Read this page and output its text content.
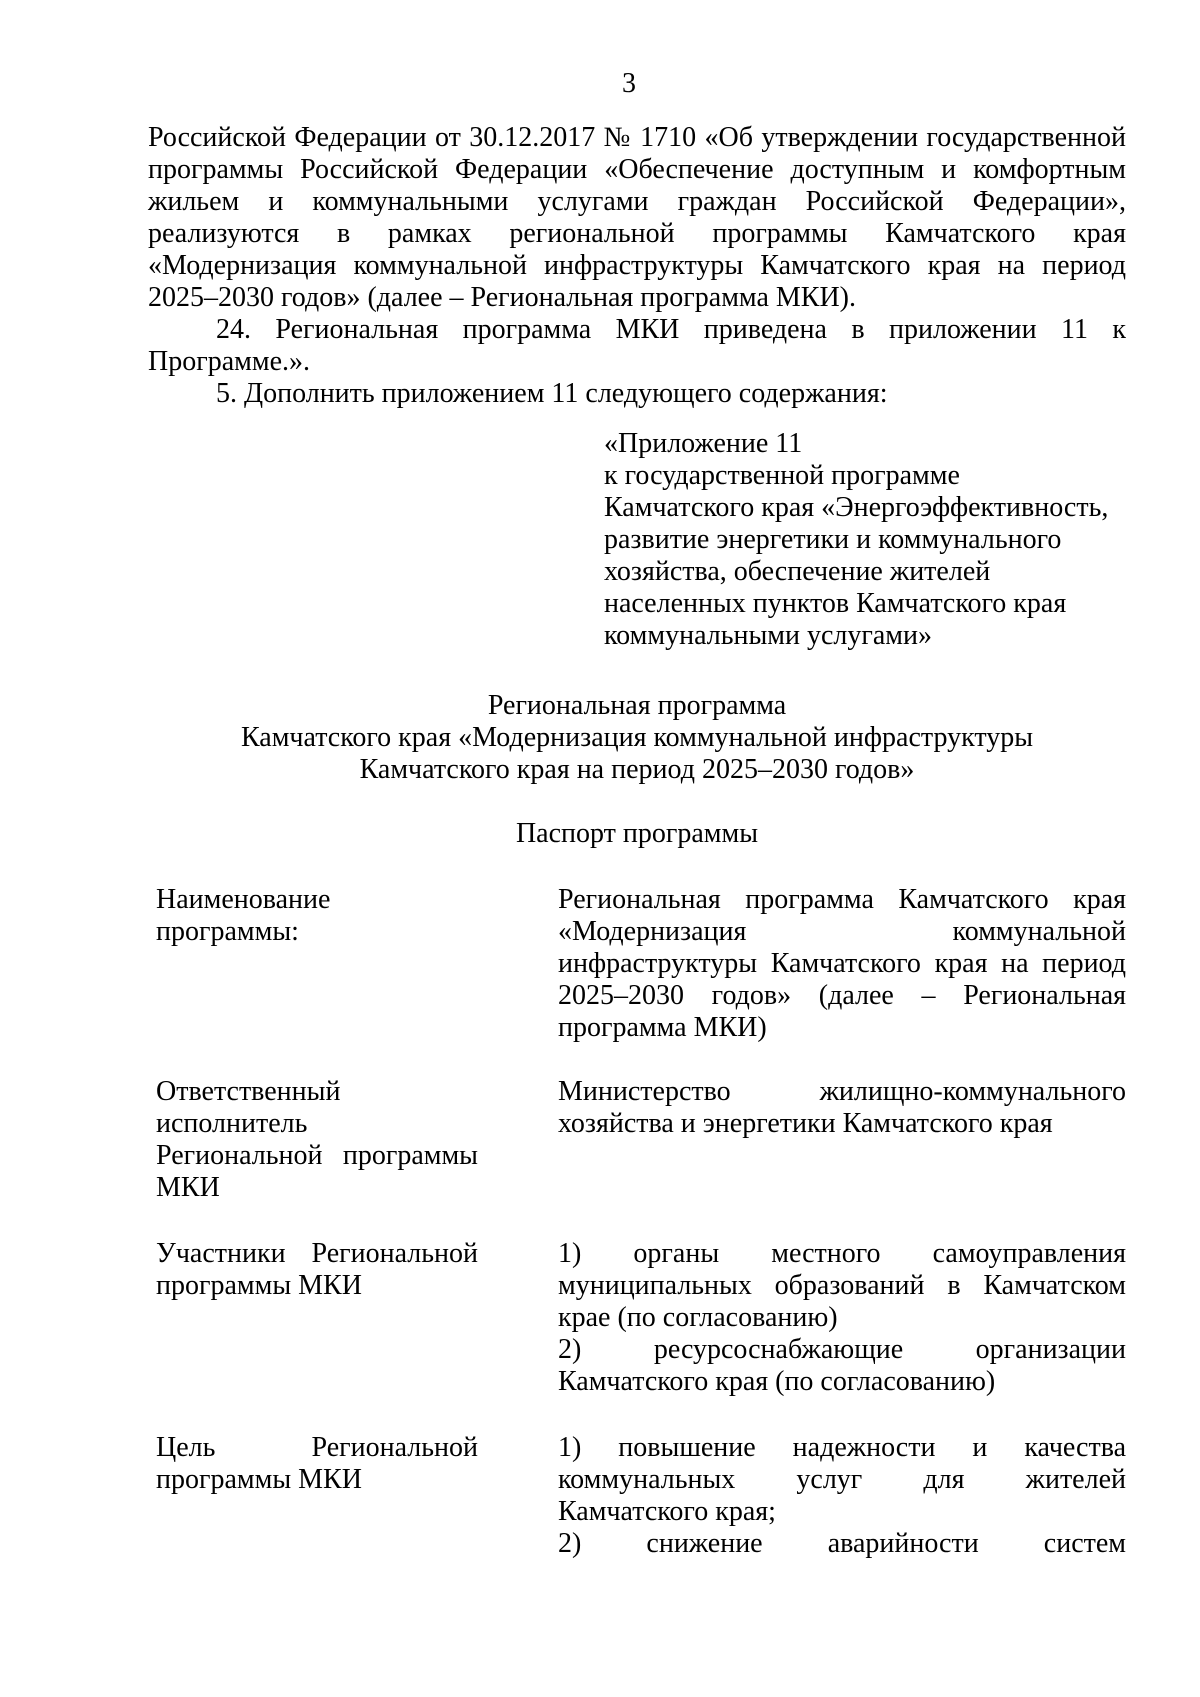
3
Российской Федерации от 30.12.2017 № 1710 «Об утверждении государственной
программы Российской Федерации «Обеспечение доступным и комфортным
жильем и коммунальными услугами граждан Российской Федерации»,
реализуются в рамках региональной программы Камчатского края
«Модернизация коммунальной инфраструктуры Камчатского края на период
2025–2030 годов» (далее – Региональная программа МКИ).
24. Региональная программа МКИ приведена в приложении 11 к
Программе.».
5. Дополнить приложением 11 следующего содержания:
«Приложение 11
к государственной программе
Камчатского края «Энергоэффективность,
развитие энергетики и коммунального
хозяйства, обеспечение жителей
населенных пунктов Камчатского края
коммунальными услугами»
Региональная программа
Камчатского края «Модернизация коммунальной инфраструктуры
Камчатского края на период 2025–2030 годов»
Паспорт программы
Наименование
программы:
Региональная программа Камчатского края
«Модернизация коммунальной
инфраструктуры Камчатского края на период
2025–2030 годов» (далее – Региональная
программа МКИ)
Ответственный
исполнитель
Региональной программы
МКИ
Министерство жилищно-коммунального
хозяйства и энергетики Камчатского края
Участники Региональной
программы МКИ
1) органы местного самоуправления
муниципальных образований в Камчатском
крае (по согласованию)
2) ресурсоснабжающие организации
Камчатского края (по согласованию)
Цель Региональной
программы МКИ
1) повышение надежности и качества
коммунальных услуг для жителей
Камчатского края;
2) снижение аварийности систем
